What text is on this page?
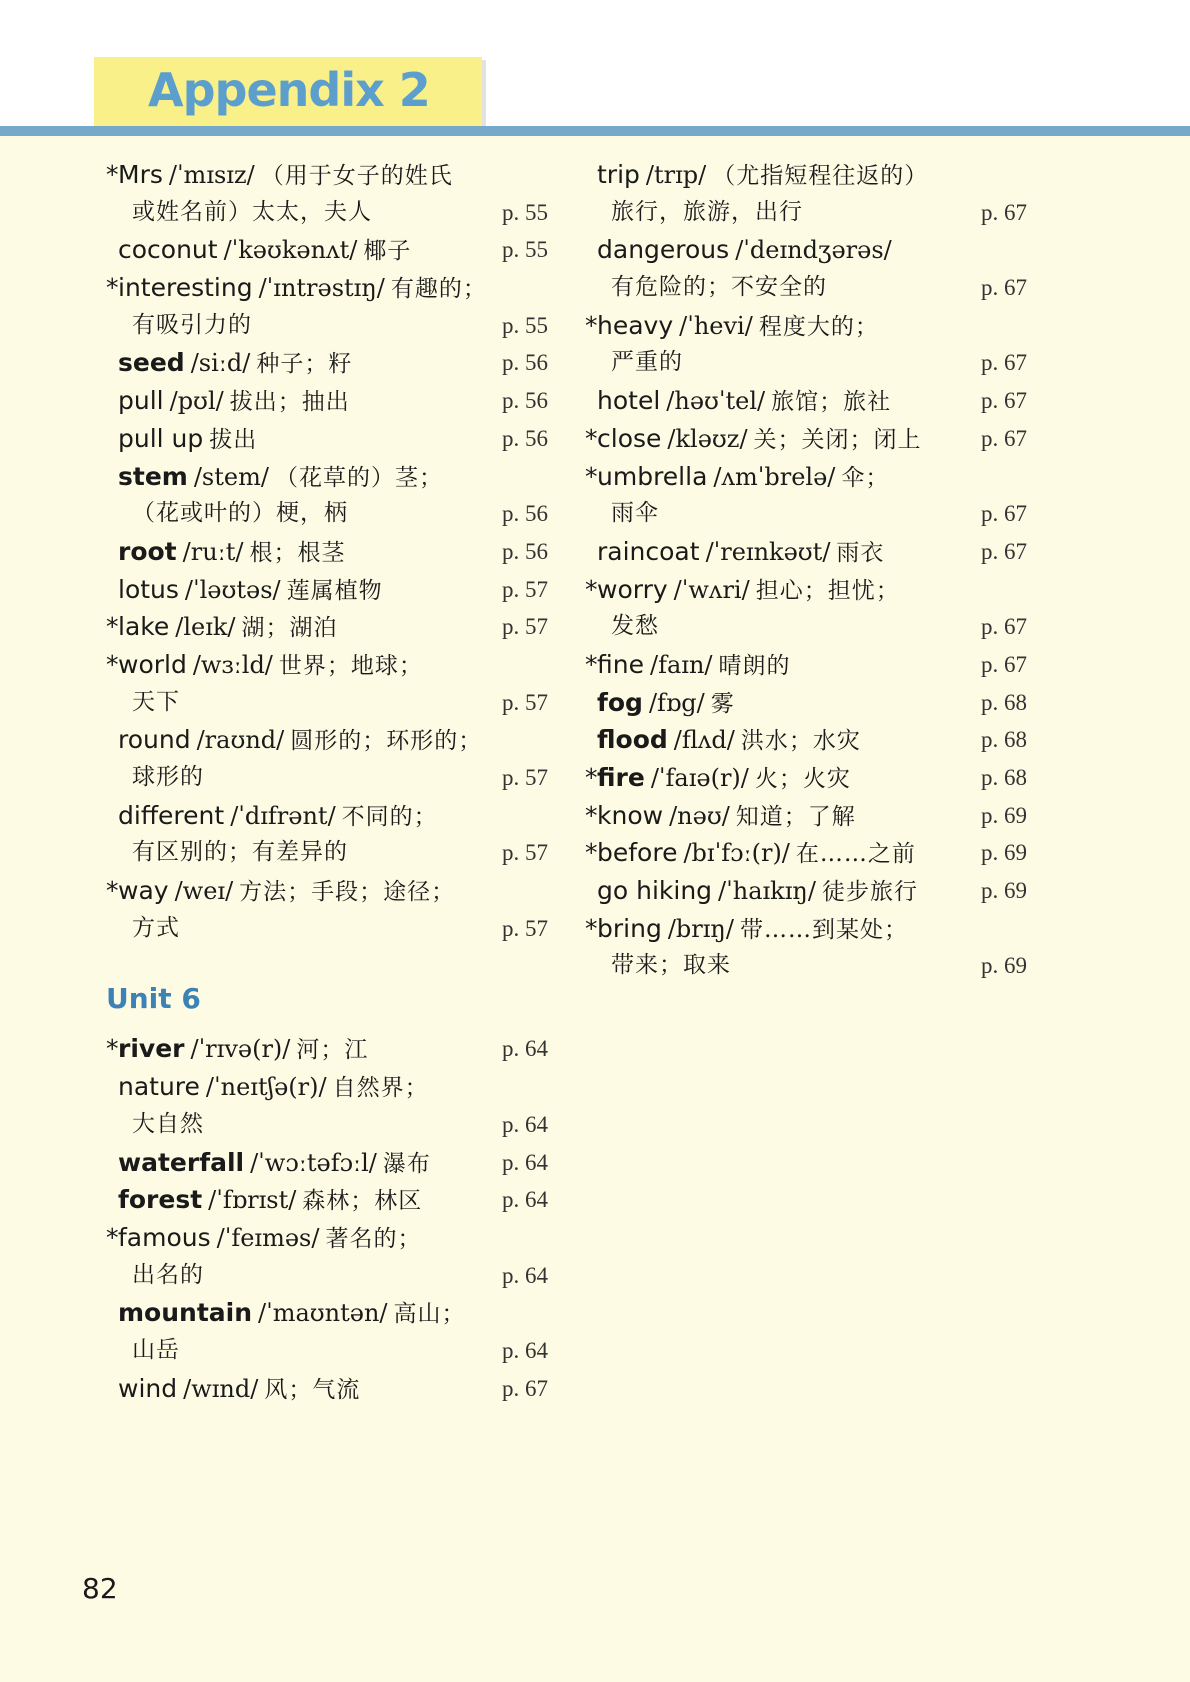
Appendix 2
* Mrs /ˈmɪsɪz/ （用于女子的姓氏
或姓名前）太太，夫人	p. 55
coconut /ˈkəʊkənʌt/ 椰子	p. 55
* interesting /ˈɪntrəstɪŋ/ 有趣的；
有吸引力的	p. 55
seed /siːd/ 种子；籽	p. 56
pull /pʊl/ 拔出；抽出	p. 56
pull up 拔出	p. 56
stem /stem/ （花草的）茎；
（花或叶的）梗，柄	p. 56
root /ruːt/ 根；根茎	p. 56
lotus /ˈləʊtəs/ 莲属植物	p. 57
* lake /leɪk/ 湖；湖泊	p. 57
* world /wɜːld/ 世界；地球；
天下	p. 57
round /raʊnd/ 圆形的；环形的；
球形的	p. 57
different /ˈdɪfrənt/ 不同的；
有区别的；有差异的	p. 57
* way /weɪ/ 方法；手段；途径；
方式	p. 57
Unit 6
* river /ˈrɪvə(r)/ 河；江	p. 64
nature /ˈneɪtʃə(r)/ 自然界；
大自然	p. 64
waterfall /ˈwɔːtəfɔːl/ 瀑布	p. 64
forest /ˈfɒrɪst/ 森林；林区	p. 64
* famous /ˈfeɪməs/ 著名的；
出名的	p. 64
mountain /ˈmaʊntən/ 高山；
山岳	p. 64
wind /wɪnd/ 风；气流	p. 67
trip /trɪp/ （尤指短程往返的）
旅行，旅游，出行	p. 67
dangerous /ˈdeɪndʒərəs/
有危险的；不安全的	p. 67
* heavy /ˈhevi/ 程度大的；
严重的	p. 67
hotel /həʊˈtel/ 旅馆；旅社	p. 67
* close /kləʊz/ 关；关闭；闭上	p. 67
* umbrella /ʌmˈbrelə/ 伞；
雨伞	p. 67
raincoat /ˈreɪnkəʊt/ 雨衣	p. 67
* worry /ˈwʌri/ 担心；担忧；
发愁	p. 67
* fine /faɪn/ 晴朗的	p. 67
fog /fɒg/ 雾	p. 68
flood /flʌd/ 洪水；水灾	p. 68
* fire /ˈfaɪə(r)/ 火；火灾	p. 68
* know /nəʊ/ 知道；了解	p. 69
* before /bɪˈfɔː(r)/ 在……之前	p. 69
go hiking /ˈhaɪkɪŋ/ 徒步旅行	p. 69
* bring /brɪŋ/ 带……到某处；
带来；取来	p. 69
82
